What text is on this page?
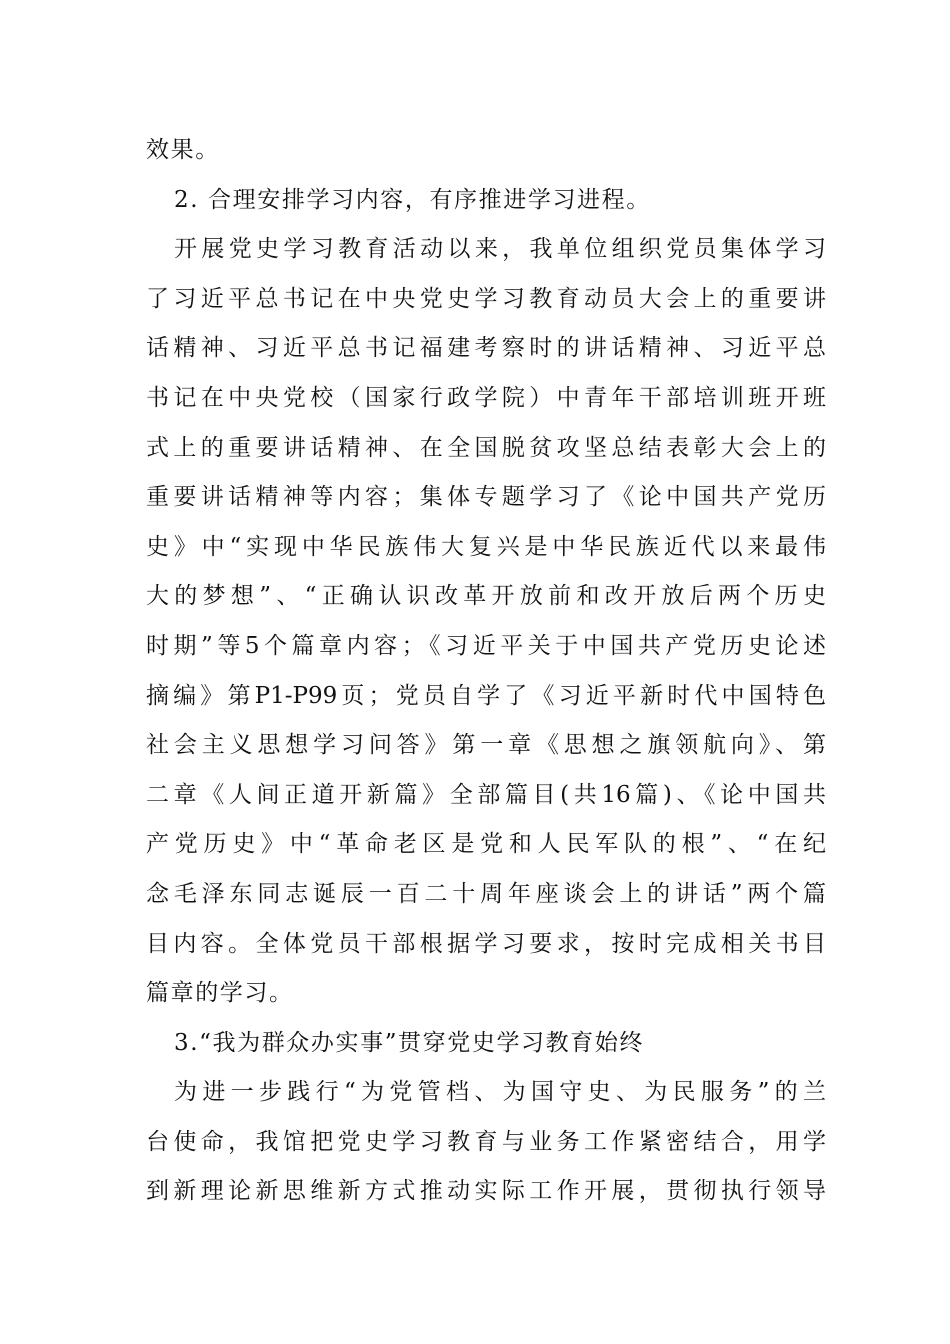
效果。
2. 合理安排学习内容，有序推进学习进程。
开展党史学习教育活动以来，我单位组织党员集体学习
了习近平总书记在中央党史学习教育动员大会上的重要讲
话精神、习近平总书记福建考察时的讲话精神、习近平总
书记在中央党校（国家行政学院）中青年干部培训班开班
式上的重要讲话精神、在全国脱贫攻坚总结表彰大会上的
重要讲话精神等内容；集体专题学习了《论中国共产党历
史》中“实现中华民族伟大复兴是中华民族近代以来最伟
大的梦想”、“正确认识改革开放前和改开放后两个历史
时期”等5个篇章内容；《习近平关于中国共产党历史论述
摘编》第P1-P99页；党员自学了《习近平新时代中国特色
社会主义思想学习问答》第一章《思想之旗领航向》、第
二章《人间正道开新篇》全部篇目(共16篇)、《论中国共
产党历史》中“革命老区是党和人民军队的根”、“在纪
念毛泽东同志诞辰一百二十周年座谈会上的讲话”两个篇
目内容。全体党员干部根据学习要求，按时完成相关书目
篇章的学习。
3.“我为群众办实事”贯穿党史学习教育始终
为进一步践行“为党管档、为国守史、为民服务”的兰
台使命，我馆把党史学习教育与业务工作紧密结合，用学
到新理论新思维新方式推动实际工作开展，贯彻执行领导
